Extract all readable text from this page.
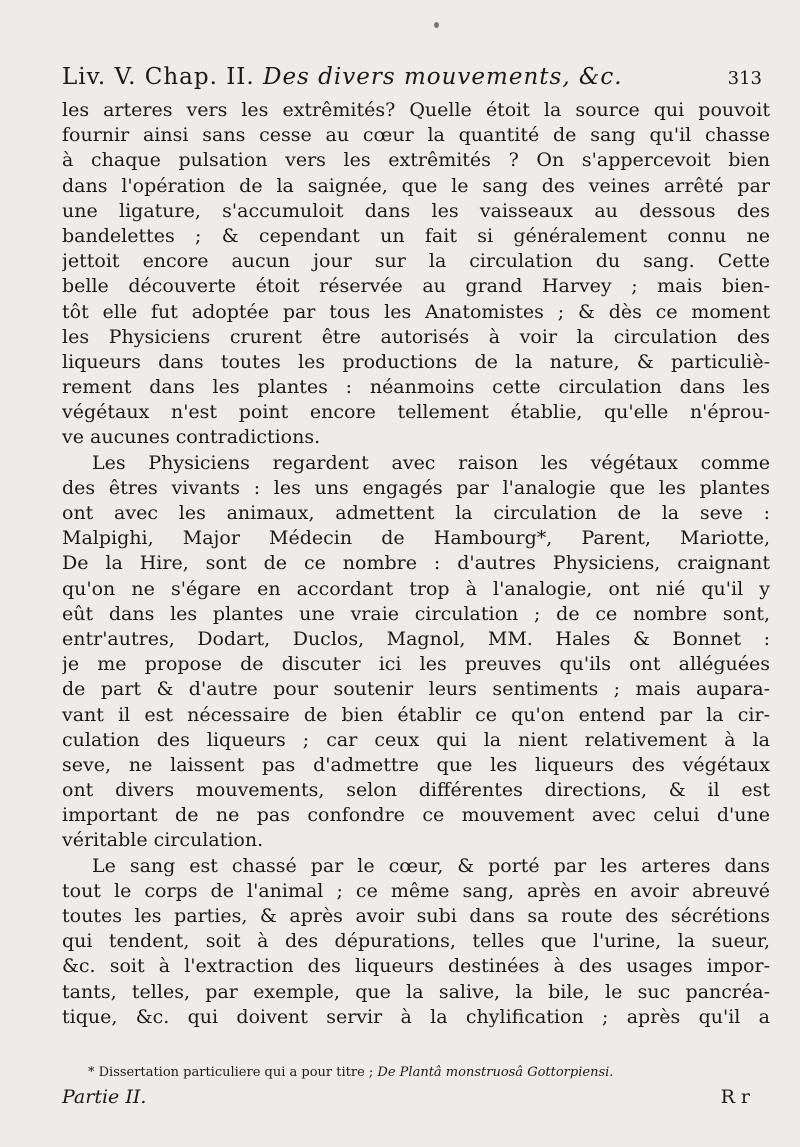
Liv. V. Chap. II. Des divers mouvements, &c.	313
les arteres vers les extrêmités? Quelle étoit la source qui pouvoit
fournir ainsi sans cesse au cœur la quantité de sang qu'il chasse
à chaque pulsation vers les extrêmités ? On s'appercevoit bien
dans l'opération de la saignée, que le sang des veines arrêté par
une ligature, s'accumuloit dans les vaisseaux au dessous des
bandelettes ; & cependant un fait si généralement connu ne
jettoit encore aucun jour sur la circulation du sang. Cette
belle découverte étoit réservée au grand Harvey ; mais bien-
tôt elle fut adoptée par tous les Anatomistes ; & dès ce moment
les Physiciens crurent être autorisés à voir la circulation des
liqueurs dans toutes les productions de la nature, & particuliè-
rement dans les plantes : néanmoins cette circulation dans les
végétaux n'est point encore tellement établie, qu'elle n'éprou-
ve aucunes contradictions.
Les Physiciens regardent avec raison les végétaux comme
des êtres vivants : les uns engagés par l'analogie que les plantes
ont avec les animaux, admettent la circulation de la seve :
Malpighi, Major Médecin de Hambourg*, Parent, Mariotte,
De la Hire, sont de ce nombre : d'autres Physiciens, craignant
qu'on ne s'égare en accordant trop à l'analogie, ont nié qu'il y
eût dans les plantes une vraie circulation ; de ce nombre sont,
entr'autres, Dodart, Duclos, Magnol, MM. Hales & Bonnet :
je me propose de discuter ici les preuves qu'ils ont alléguées
de part & d'autre pour soutenir leurs sentiments ; mais aupara-
vant il est nécessaire de bien établir ce qu'on entend par la cir-
culation des liqueurs ; car ceux qui la nient relativement à la
seve, ne laissent pas d'admettre que les liqueurs des végétaux
ont divers mouvements, selon différentes directions, & il est
important de ne pas confondre ce mouvement avec celui d'une
véritable circulation.
Le sang est chassé par le cœur, & porté par les arteres dans
tout le corps de l'animal ; ce même sang, après en avoir abreuvé
toutes les parties, & après avoir subi dans sa route des sécrétions
qui tendent, soit à des dépurations, telles que l'urine, la sueur,
&c. soit à l'extraction des liqueurs destinées à des usages impor-
tants, telles, par exemple, que la salive, la bile, le suc pancréa-
tique, &c. qui doivent servir à la chylification ; après qu'il a
* Dissertation particuliere qui a pour titre ; De Plantâ monstruosâ Gottorpiensi.
Partie II.	R r
